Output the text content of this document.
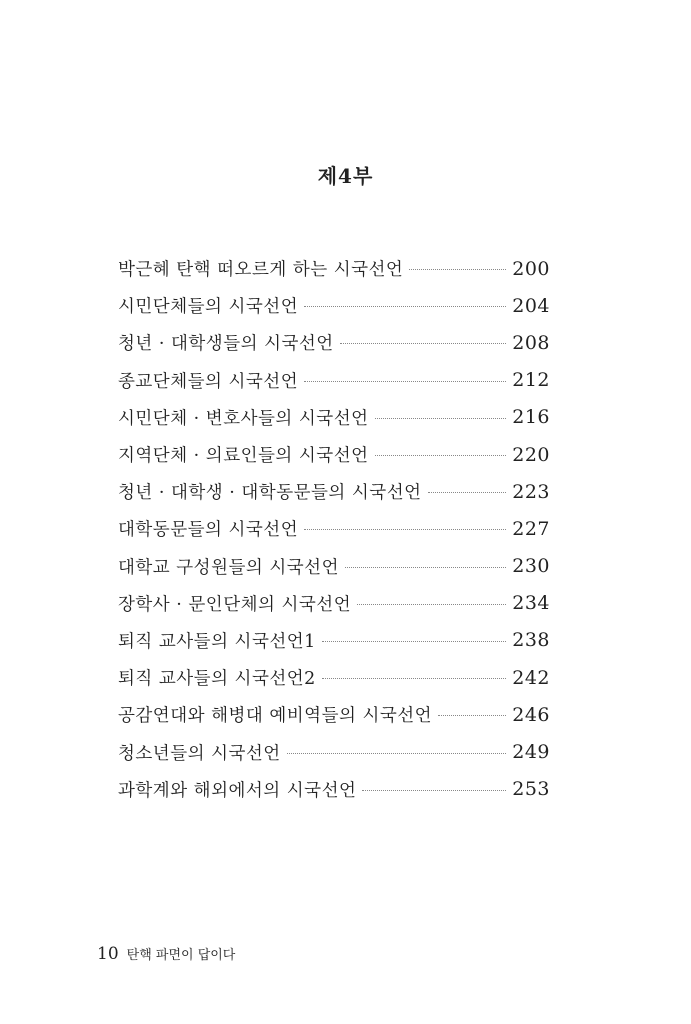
제4부
박근혜 탄핵 떠오르게 하는 시국선언	200
시민단체들의 시국선언	204
청년 · 대학생들의 시국선언	208
종교단체들의 시국선언	212
시민단체 · 변호사들의 시국선언	216
지역단체 · 의료인들의 시국선언	220
청년 · 대학생 · 대학동문들의 시국선언	223
대학동문들의 시국선언	227
대학교 구성원들의 시국선언	230
장학사 · 문인단체의 시국선언	234
퇴직 교사들의 시국선언1	238
퇴직 교사들의 시국선언2	242
공감연대와 해병대 예비역들의 시국선언	246
청소년들의 시국선언	249
과학계와 해외에서의 시국선언	253
10 탄핵 파면이 답이다
